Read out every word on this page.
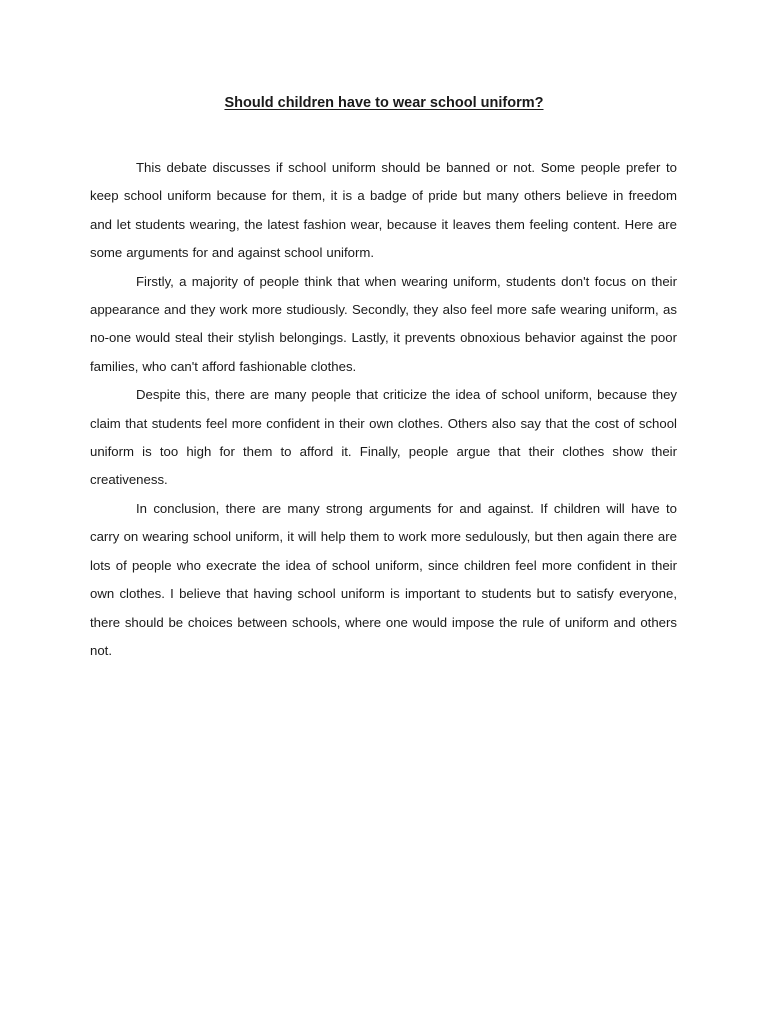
Should children have to wear school uniform?

This debate discusses if school uniform should be banned or not. Some people prefer to keep school uniform because for them, it is a badge of pride but many others believe in freedom and let students wearing, the latest fashion wear, because it leaves them feeling content. Here are some arguments for and against school uniform.

Firstly, a majority of people think that when wearing uniform, students don't focus on their appearance and they work more studiously. Secondly, they also feel more safe wearing uniform, as no-one would steal their stylish belongings. Lastly, it prevents obnoxious behavior against the poor families, who can't afford fashionable clothes.

Despite this, there are many people that criticize the idea of school uniform, because they claim that students feel more confident in their own clothes. Others also say that the cost of school uniform is too high for them to afford it. Finally, people argue that their clothes show their creativeness.

In conclusion, there are many strong arguments for and against. If children will have to carry on wearing school uniform, it will help them to work more sedulously, but then again there are lots of people who execrate the idea of school uniform, since children feel more confident in their own clothes. I believe that having school uniform is important to students but to satisfy everyone, there should be choices between schools, where one would impose the rule of uniform and others not.
